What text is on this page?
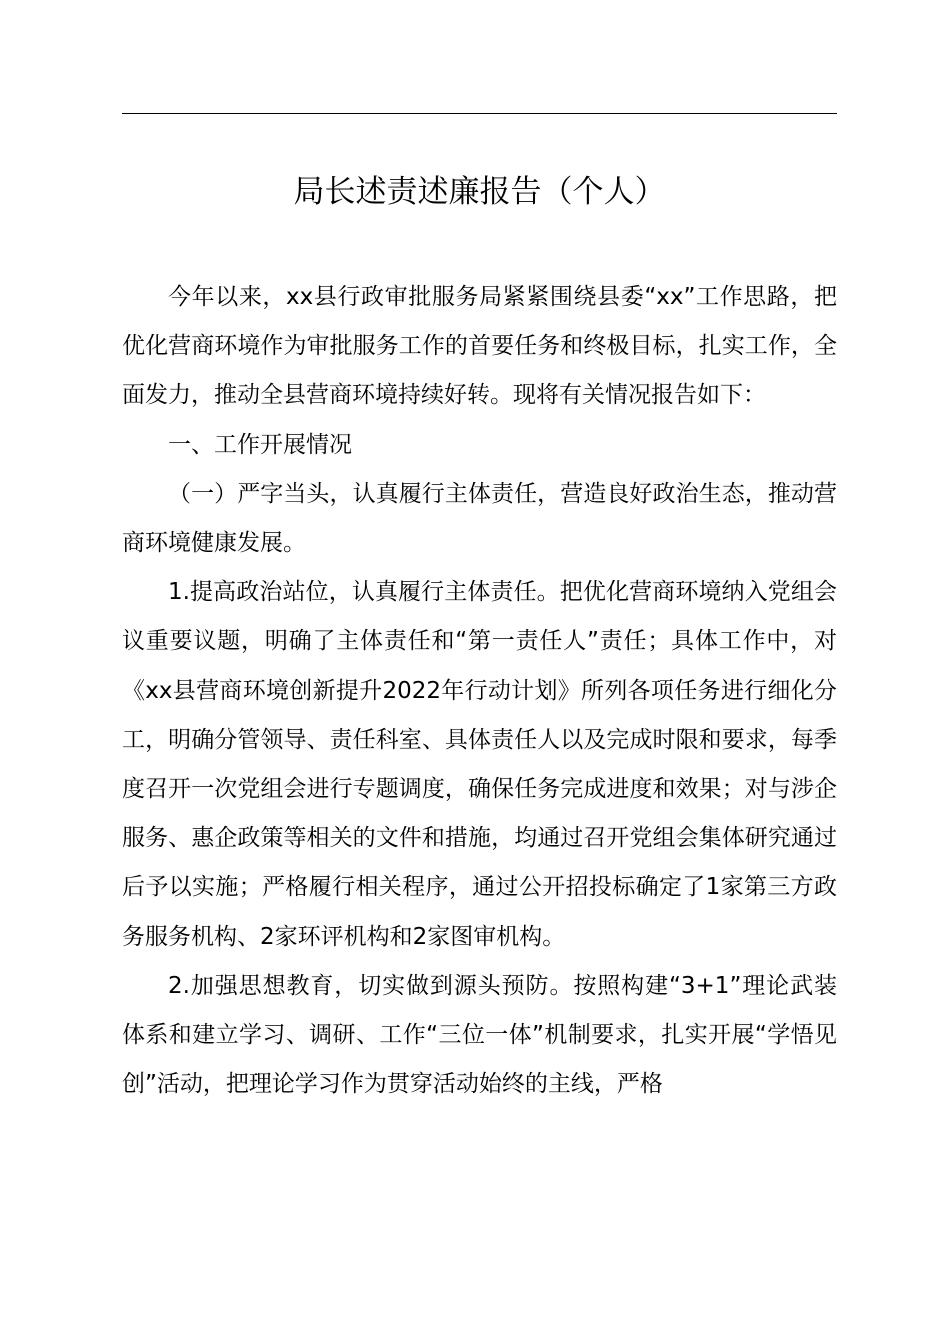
局长述责述廉报告（个人）

今年以来，xx县行政审批服务局紧紧围绕县委“xx”工作思路，把优化营商环境作为审批服务工作的首要任务和终极目标，扎实工作，全面发力，推动全县营商环境持续好转。现将有关情况报告如下：

一、工作开展情况

（一）严字当头，认真履行主体责任，营造良好政治生态，推动营商环境健康发展。

1.提高政治站位，认真履行主体责任。把优化营商环境纳入党组会议重要议题，明确了主体责任和“第一责任人”责任；具体工作中，对《xx县营商环境创新提升2022年行动计划》所列各项任务进行细化分工，明确分管领导、责任科室、具体责任人以及完成时限和要求，每季度召开一次党组会进行专题调度，确保任务完成进度和效果；对与涉企服务、惠企政策等相关的文件和措施，均通过召开党组会集体研究通过后予以实施；严格履行相关程序，通过公开招投标确定了1家第三方政务服务机构、2家环评机构和2家图审机构。

2.加强思想教育，切实做到源头预防。按照构建“3+1”理论武装体系和建立学习、调研、工作“三位一体”机制要求，扎实开展“学悟见创”活动，把理论学习作为贯穿活动始终的主线，严格
